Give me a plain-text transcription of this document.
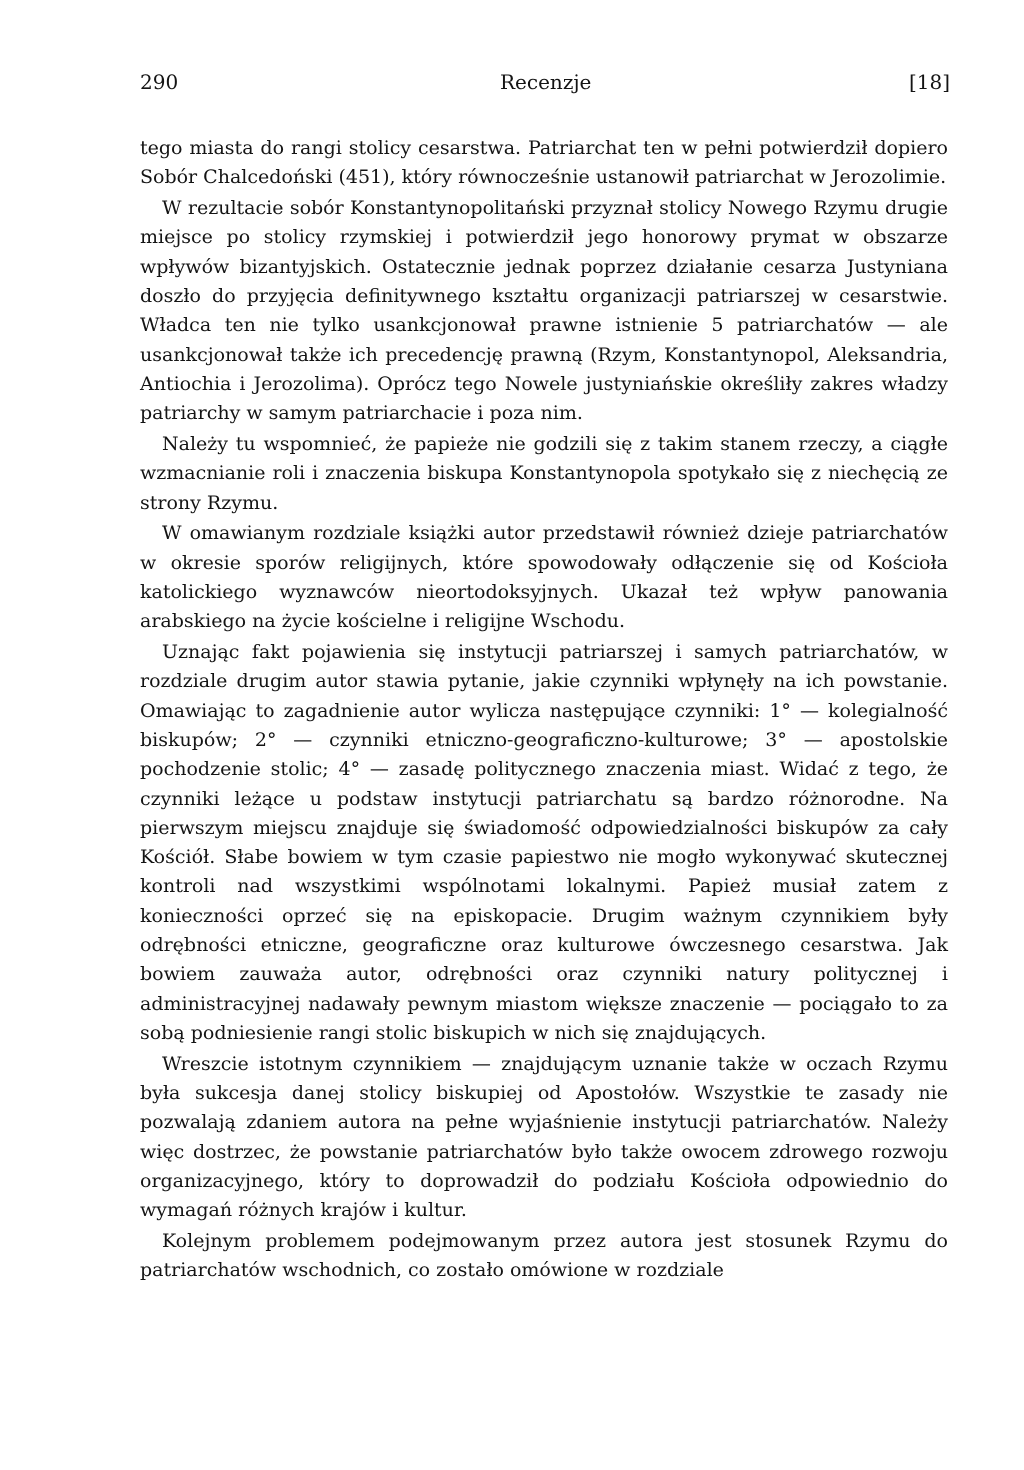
290	Recenzje	[18]

tego miasta do rangi stolicy cesarstwa. Patriarchat ten w pełni potwierdził dopiero Sobór Chalcedoński (451), który równocześnie ustanowił patriarchat w Jerozolimie.

W rezultacie sobór Konstantynopolitański przyznał stolicy Nowego Rzymu drugie miejsce po stolicy rzymskiej i potwierdził jego honorowy prymat w obszarze wpływów bizantyjskich. Ostatecznie jednak poprzez działanie cesarza Justyniana doszło do przyjęcia definitywnego kształtu organizacji patriarszej w cesarstwie. Władca ten nie tylko usankcjonował prawne istnienie 5 patriarchatów — ale usankcjonował także ich precedencję prawną (Rzym, Konstantynopol, Aleksandria, Antiochia i Jerozolima). Oprócz tego Nowele justyniańskie określiły zakres władzy patriarchy w samym patriarchacie i poza nim.

Należy tu wspomnieć, że papieże nie godzili się z takim stanem rzeczy, a ciągłe wzmacnianie roli i znaczenia biskupa Konstantynopola spotykało się z niechęcią ze strony Rzymu.

W omawianym rozdziale książki autor przedstawił również dzieje patriarchatów w okresie sporów religijnych, które spowodowały odłączenie się od Kościoła katolickiego wyznawców nieortodoksyjnych. Ukazał też wpływ panowania arabskiego na życie kościelne i religijne Wschodu.

Uznając fakt pojawienia się instytucji patriarszej i samych patriarchatów, w rozdziale drugim autor stawia pytanie, jakie czynniki wpłynęły na ich powstanie. Omawiając to zagadnienie autor wylicza następujące czynniki: 1° — kolegialność biskupów; 2° — czynniki etniczno-geograficzno-kulturowe; 3° — apostolskie pochodzenie stolic; 4° — zasadę politycznego znaczenia miast. Widać z tego, że czynniki leżące u podstaw instytucji patriarchatu są bardzo różnorodne. Na pierwszym miejscu znajduje się świadomość odpowiedzialności biskupów za cały Kościół. Słabe bowiem w tym czasie papiestwo nie mogło wykonywać skutecznej kontroli nad wszystkimi wspólnotami lokalnymi. Papież musiał zatem z konieczności oprzeć się na episkopacie. Drugim ważnym czynnikiem były odrębności etniczne, geograficzne oraz kulturowe ówczesnego cesarstwa. Jak bowiem zauważa autor, odrębności oraz czynniki natury politycznej i administracyjnej nadawały pewnym miastom większe znaczenie — pociągało to za sobą podniesienie rangi stolic biskupich w nich się znajdujących.

Wreszcie istotnym czynnikiem — znajdującym uznanie także w oczach Rzymu była sukcesja danej stolicy biskupiej od Apostołów. Wszystkie te zasady nie pozwalają zdaniem autora na pełne wyjaśnienie instytucji patriarchatów. Należy więc dostrzec, że powstanie patriarchatów było także owocem zdrowego rozwoju organizacyjnego, który to doprowadził do podziału Kościoła odpowiednio do wymagań różnych krajów i kultur.

Kolejnym problemem podejmowanym przez autora jest stosunek Rzymu do patriarchatów wschodnich, co zostało omówione w rozdziale
